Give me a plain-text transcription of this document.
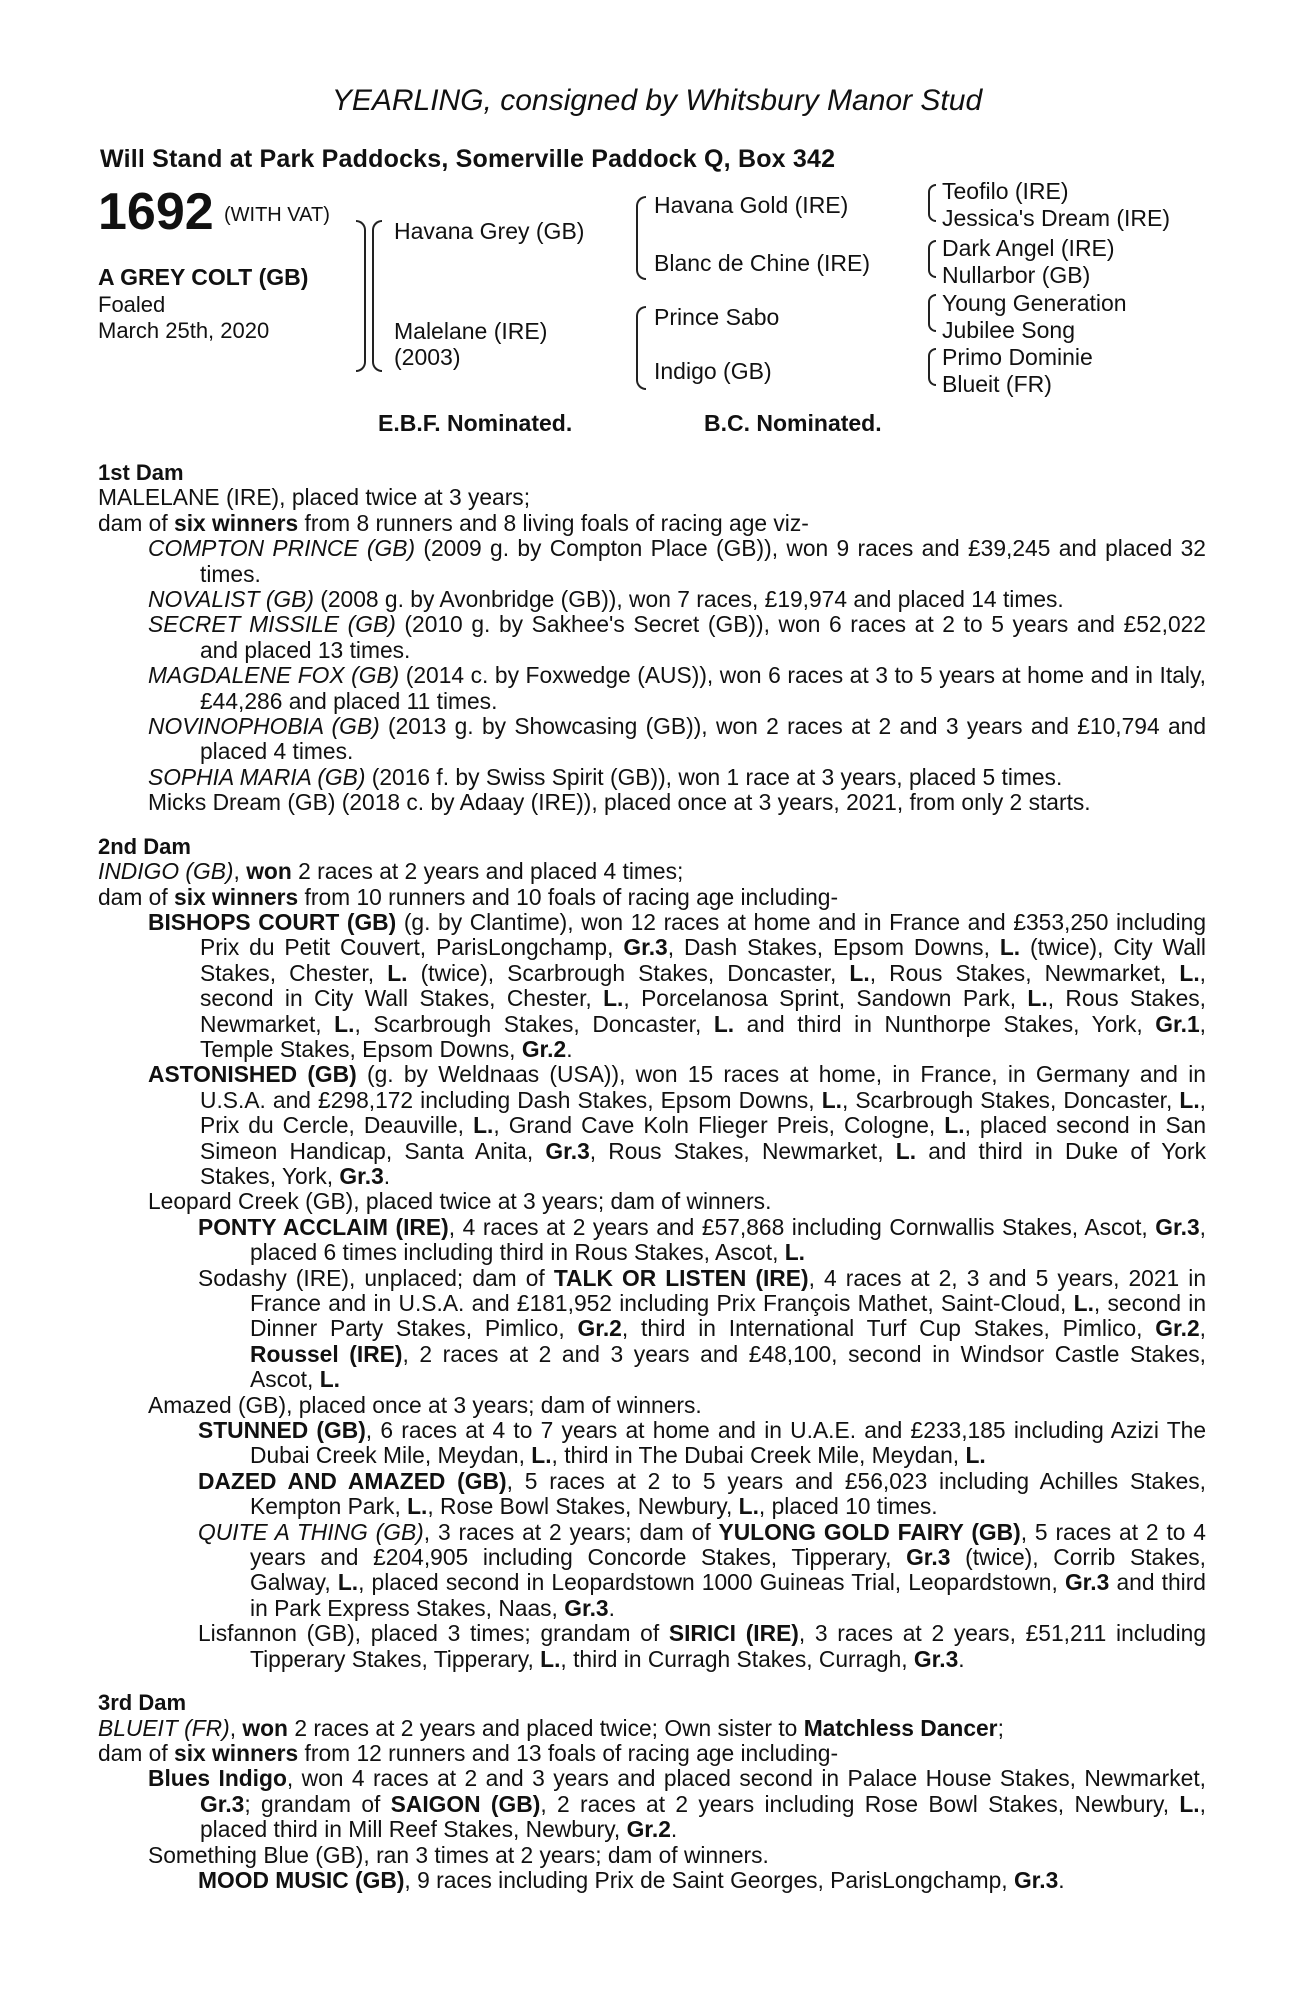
YEARLING, consigned by Whitsbury Manor Stud
Will Stand at Park Paddocks, Somerville Paddock Q, Box 342
1692 (WITH VAT)
A GREY COLT (GB)
Foaled
March 25th, 2020
Havana Grey (GB)
Malelane (IRE)
(2003)
Havana Gold (IRE)
Blanc de Chine (IRE)
Prince Sabo
Indigo (GB)
Teofilo (IRE)
Jessica's Dream (IRE)
Dark Angel (IRE)
Nullarbor (GB)
Young Generation
Jubilee Song
Primo Dominie
Blueit (FR)
E.B.F. Nominated.	B.C. Nominated.
1st Dam
MALELANE (IRE), placed twice at 3 years;
dam of six winners from 8 runners and 8 living foals of racing age viz-
COMPTON PRINCE (GB) (2009 g. by Compton Place (GB)), won 9 races and £39,245 and placed 32 times.
NOVALIST (GB) (2008 g. by Avonbridge (GB)), won 7 races, £19,974 and placed 14 times.
SECRET MISSILE (GB) (2010 g. by Sakhee's Secret (GB)), won 6 races at 2 to 5 years and £52,022 and placed 13 times.
MAGDALENE FOX (GB) (2014 c. by Foxwedge (AUS)), won 6 races at 3 to 5 years at home and in Italy, £44,286 and placed 11 times.
NOVINOPHOBIA (GB) (2013 g. by Showcasing (GB)), won 2 races at 2 and 3 years and £10,794 and placed 4 times.
SOPHIA MARIA (GB) (2016 f. by Swiss Spirit (GB)), won 1 race at 3 years, placed 5 times.
Micks Dream (GB) (2018 c. by Adaay (IRE)), placed once at 3 years, 2021, from only 2 starts.
2nd Dam
INDIGO (GB), won 2 races at 2 years and placed 4 times;
dam of six winners from 10 runners and 10 foals of racing age including-
BISHOPS COURT (GB) (g. by Clantime), won 12 races at home and in France and £353,250 including Prix du Petit Couvert, ParisLongchamp, Gr.3, Dash Stakes, Epsom Downs, L. (twice), City Wall Stakes, Chester, L. (twice), Scarbrough Stakes, Doncaster, L., Rous Stakes, Newmarket, L., second in City Wall Stakes, Chester, L., Porcelanosa Sprint, Sandown Park, L., Rous Stakes, Newmarket, L., Scarbrough Stakes, Doncaster, L. and third in Nunthorpe Stakes, York, Gr.1, Temple Stakes, Epsom Downs, Gr.2.
ASTONISHED (GB) (g. by Weldnaas (USA)), won 15 races at home, in France, in Germany and in U.S.A. and £298,172 including Dash Stakes, Epsom Downs, L., Scarbrough Stakes, Doncaster, L., Prix du Cercle, Deauville, L., Grand Cave Koln Flieger Preis, Cologne, L., placed second in San Simeon Handicap, Santa Anita, Gr.3, Rous Stakes, Newmarket, L. and third in Duke of York Stakes, York, Gr.3.
Leopard Creek (GB), placed twice at 3 years; dam of winners.
PONTY ACCLAIM (IRE), 4 races at 2 years and £57,868 including Cornwallis Stakes, Ascot, Gr.3, placed 6 times including third in Rous Stakes, Ascot, L.
Sodashy (IRE), unplaced; dam of TALK OR LISTEN (IRE), 4 races at 2, 3 and 5 years, 2021 in France and in U.S.A. and £181,952 including Prix François Mathet, Saint-Cloud, L., second in Dinner Party Stakes, Pimlico, Gr.2, third in International Turf Cup Stakes, Pimlico, Gr.2, Roussel (IRE), 2 races at 2 and 3 years and £48,100, second in Windsor Castle Stakes, Ascot, L.
Amazed (GB), placed once at 3 years; dam of winners.
STUNNED (GB), 6 races at 4 to 7 years at home and in U.A.E. and £233,185 including Azizi The Dubai Creek Mile, Meydan, L., third in The Dubai Creek Mile, Meydan, L.
DAZED AND AMAZED (GB), 5 races at 2 to 5 years and £56,023 including Achilles Stakes, Kempton Park, L., Rose Bowl Stakes, Newbury, L., placed 10 times.
QUITE A THING (GB), 3 races at 2 years; dam of YULONG GOLD FAIRY (GB), 5 races at 2 to 4 years and £204,905 including Concorde Stakes, Tipperary, Gr.3 (twice), Corrib Stakes, Galway, L., placed second in Leopardstown 1000 Guineas Trial, Leopardstown, Gr.3 and third in Park Express Stakes, Naas, Gr.3.
Lisfannon (GB), placed 3 times; grandam of SIRICI (IRE), 3 races at 2 years, £51,211 including Tipperary Stakes, Tipperary, L., third in Curragh Stakes, Curragh, Gr.3.
3rd Dam
BLUEIT (FR), won 2 races at 2 years and placed twice; Own sister to Matchless Dancer;
dam of six winners from 12 runners and 13 foals of racing age including-
Blues Indigo, won 4 races at 2 and 3 years and placed second in Palace House Stakes, Newmarket, Gr.3; grandam of SAIGON (GB), 2 races at 2 years including Rose Bowl Stakes, Newbury, L., placed third in Mill Reef Stakes, Newbury, Gr.2.
Something Blue (GB), ran 3 times at 2 years; dam of winners.
MOOD MUSIC (GB), 9 races including Prix de Saint Georges, ParisLongchamp, Gr.3.
